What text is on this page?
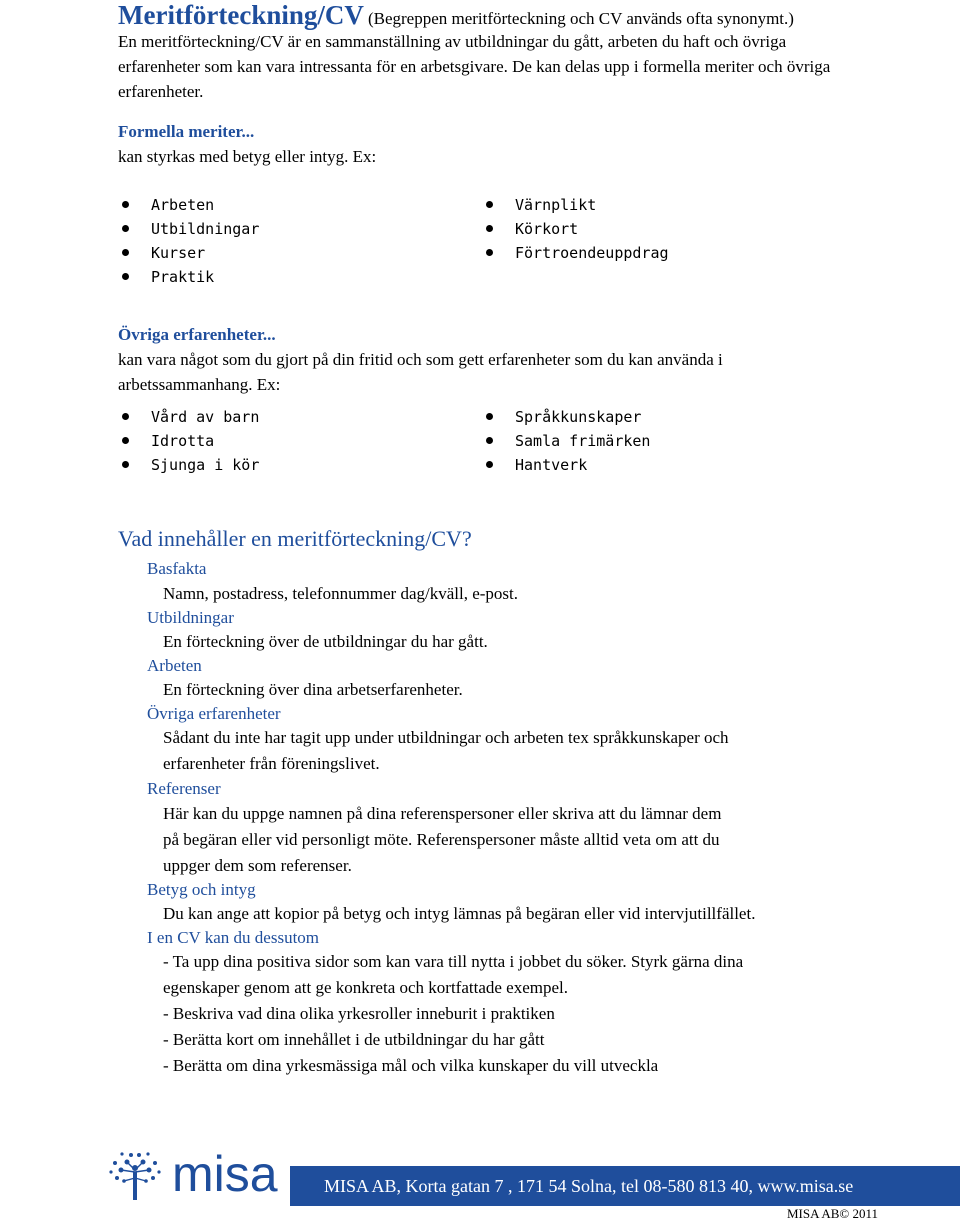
Meritförteckning/CV (Begreppen meritförteckning och CV används ofta synonymt.)
En meritförteckning/CV är en sammanställning av utbildningar du gått, arbeten du haft och övriga erfarenheter som kan vara intressanta för en arbetsgivare. De kan delas upp i formella meriter och övriga erfarenheter.
Formella meriter...
kan styrkas med betyg eller intyg. Ex:
Arbeten
Utbildningar
Kurser
Praktik
Värnplikt
Körkort
Förtroendeuppdrag
Övriga erfarenheter...
kan vara något som du gjort på din fritid och som gett erfarenheter som du kan använda i arbetssammanhang. Ex:
Vård av barn
Idrotta
Sjunga i kör
Språkkunskaper
Samla frimärken
Hantverk
Vad innehåller en meritförteckning/CV?
Basfakta
Namn, postadress, telefonnummer dag/kväll, e-post.
Utbildningar
En förteckning över de utbildningar du har gått.
Arbeten
En förteckning över dina arbetserfarenheter.
Övriga erfarenheter
Sådant du inte har tagit upp under utbildningar och arbeten tex språkkunskaper och
erfarenheter från föreningslivet.
Referenser
Här kan du uppge namnen på dina referenspersoner eller skriva att du lämnar dem
på begäran eller vid personligt möte. Referenspersoner måste alltid veta om att du
uppger dem som referenser.
Betyg och intyg
Du kan ange att kopior på betyg och intyg lämnas på begäran eller vid intervjutillfället.
I en CV kan du dessutom
- Ta upp dina positiva sidor som kan vara till nytta i jobbet du söker. Styrk gärna dina
egenskaper genom att ge konkreta och kortfattade exempel.
- Beskriva vad dina olika yrkesroller inneburit i praktiken
- Berätta kort om innehållet i de utbildningar du har gått
- Berätta om dina yrkesmässiga mål och vilka kunskaper du vill utveckla
misa	MISA AB, Korta gatan 7 , 171 54 Solna, tel 08-580 813 40, www.misa.se
MISA AB© 2011
